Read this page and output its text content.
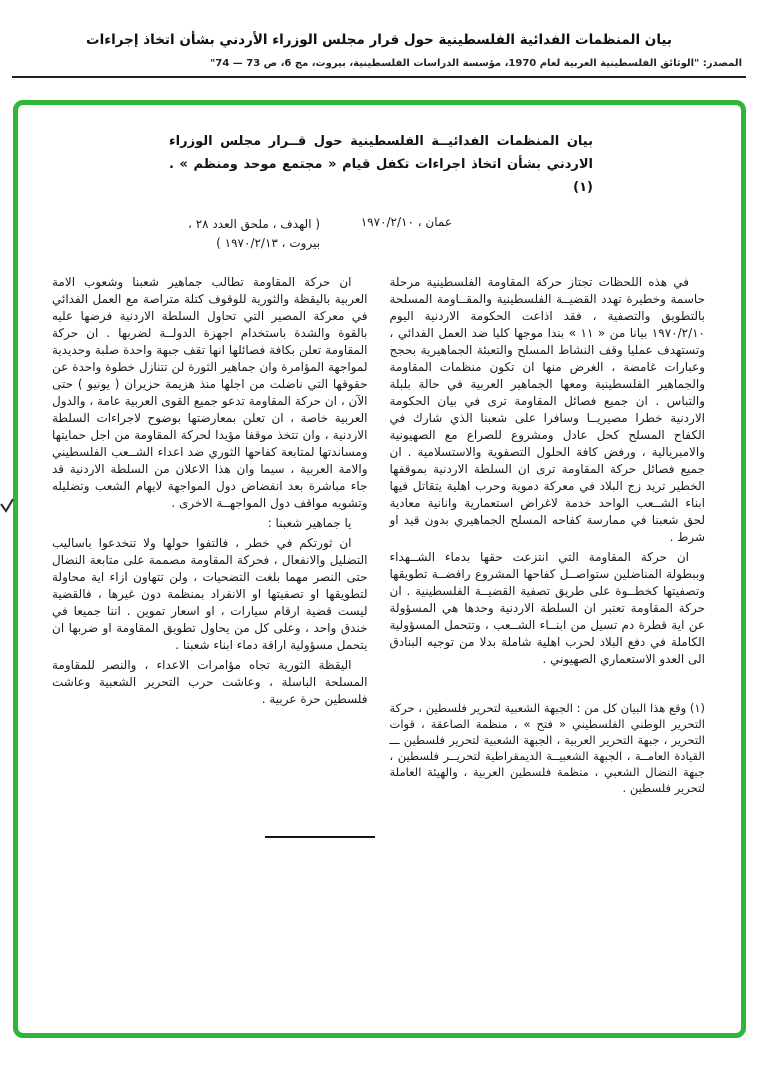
بيان المنظمات الفدائية الفلسطينية حول قرار مجلس الوزراء الأردني بشأن اتخاذ إجراءات
المصدر: "الوثائق الفلسطينية العربية لعام 1970، مؤسسة الدراسات الفلسطينية، بيروت، مج 6، ص 73 — 74"
بيان المنظمات الفدائيــة الفلسطينية حول قــرار مجلس الوزراء الاردني بشأن اتخاذ اجراءات تكفل قيام « مجتمع موحد ومنظم » . (١)
عمان ، ١٩٧٠/٢/١٠
( الهدف ، ملحق العدد ٢٨ ،
بيروت ، ١٩٧٠/٢/١٣ )

في هذه اللحظات تجتاز حركة المقاومة الفلسطينية مرحلة حاسمة وخطيرة تهدد القضيــة الفلسطينية والمقــاومة المسلحة بالتطويق والتصفية ، فقد اذاعت الحكومة الاردنية اليوم ١٩٧٠/٢/١٠ بيانا من « ١١ » بندا موجها كليا ضد العمل الفدائي ، وتستهدف عمليا وقف النشاط المسلح والتعبئة الجماهيرية بحجج وعبارات غامضة ، الغرض منها ان تكون منظمات المقاومة والجماهير الفلسطينية ومعها الجماهير العربية في حالة بلبلة والتباس . ان جميع فصائل المقاومة ترى في بيان الحكومة الاردنية خطرا مصيريــا وسافرا على شعبنا الذي شارك في الكفاح المسلح كحل عادل ومشروع للصراع مع الصهيونية والامبريالية ، ورفض كافة الحلول التصفوية والاستسلامية . ان جميع فصائل حركة المقاومة ترى ان السلطة الاردنية بموقفها الخطير تريد زج البلاد في معركة دموية وحرب اهلية يتقاتل فيها ابناء الشــعب الواحد خدمة لاغراض استعمارية وانانية معادية لحق شعبنا في ممارسة كفاحه المسلح الجماهيري بدون قيد او شرط .

ان حركة المقاومة التي انتزعت حقها بدماء الشــهداء وببطولة المناضلين ستواصــل كفاحها المشروع رافضــة تطويقها وتصفيتها كخطــوة على طريق تصفية القضيــة الفلسطينية . ان حركة المقاومة تعتبر ان السلطة الاردنية وحدها هي المسؤولة عن اية قطرة دم تسيل من ابنــاء الشــعب ، وتتحمل المسؤولية الكاملة في دفع البلاد لحرب اهلية شاملة بدلا من توجيه البنادق الى العدو الاستعماري الصهيوني .

(١) وقع هذا البيان كل من : الجبهة الشعبية لتحرير فلسطين ، حركة التحرير الوطني الفلسطيني « فتح » ، منظمة الصاعقة ، قوات التحرير ، جبهة التحرير العربية ، الجبهة الشعبية لتحرير فلسطين ـــ القيادة العامــة ، الجبهة الشعبيــة الديمقراطية لتحريــر فلسطين ، جبهة النضال الشعبي ، منظمة فلسطين العربية ، والهيئة العاملة لتحرير فلسطين .

ان حركة المقاومة تطالب جماهير شعبنا وشعوب الامة العربية باليقظة والثورية للوقوف كتلة متراصة مع العمل الفدائي في معركة المصير التي تحاول السلطة الاردنية فرضها عليه بالقوة والشدة باستخدام اجهزة الدولــة لضربها . ان حركة المقاومة تعلن بكافة فصائلها انها تقف جبهة واحدة صلبة وحديدية لمواجهة المؤامرة وان جماهير الثورة لن تتنازل خطوة واحدة عن حقوقها التي ناضلت من اجلها منذ هزيمة حزيران ( يونيو ) حتى الآن ، ان حركة المقاومة تدعو جميع القوى العربية عامة ، والدول العربية خاصة ، ان تعلن بمعارضتها بوضوح لاجراءات السلطة الاردنية ، وان تتخذ موقفا مؤيدا لحركة المقاومة من اجل حمايتها ومساندتها لمتابعة كفاحها الثوري ضد اعداء الشــعب الفلسطيني والامة العربية ، سيما وان هذا الاعلان من السلطة الاردنية قد جاء مباشرة بعد انفضاض دول المواجهة لايهام الشعب وتضليله وتشويه مواقف دول المواجهــة الاخرى .

يا جماهير شعبنا :

ان ثورتكم في خطر ، فالتفوا حولها ولا تنخدعوا باساليب التضليل والانفعال ، فحركة المقاومة مصممة على متابعة النضال حتى النصر مهما بلغت التضحيات ، ولن تتهاون ازاء اية محاولة لتطويقها او تصفيتها او الانفراد بمنظمة دون غيرها ، فالقضية ليست قضية ارقام سيارات ، او اسعار تموين . اننا جميعا في خندق واحد ، وعلى كل من يحاول تطويق المقاومة او ضربها ان يتحمل مسؤولية اراقة دماء ابناء شعبنا .

اليقظة الثورية تجاه مؤامرات الاعداء ، والنصر للمقاومة المسلحة الباسلة ، وعاشت حرب التحرير الشعبية وعاشت فلسطين حرة عربية .
